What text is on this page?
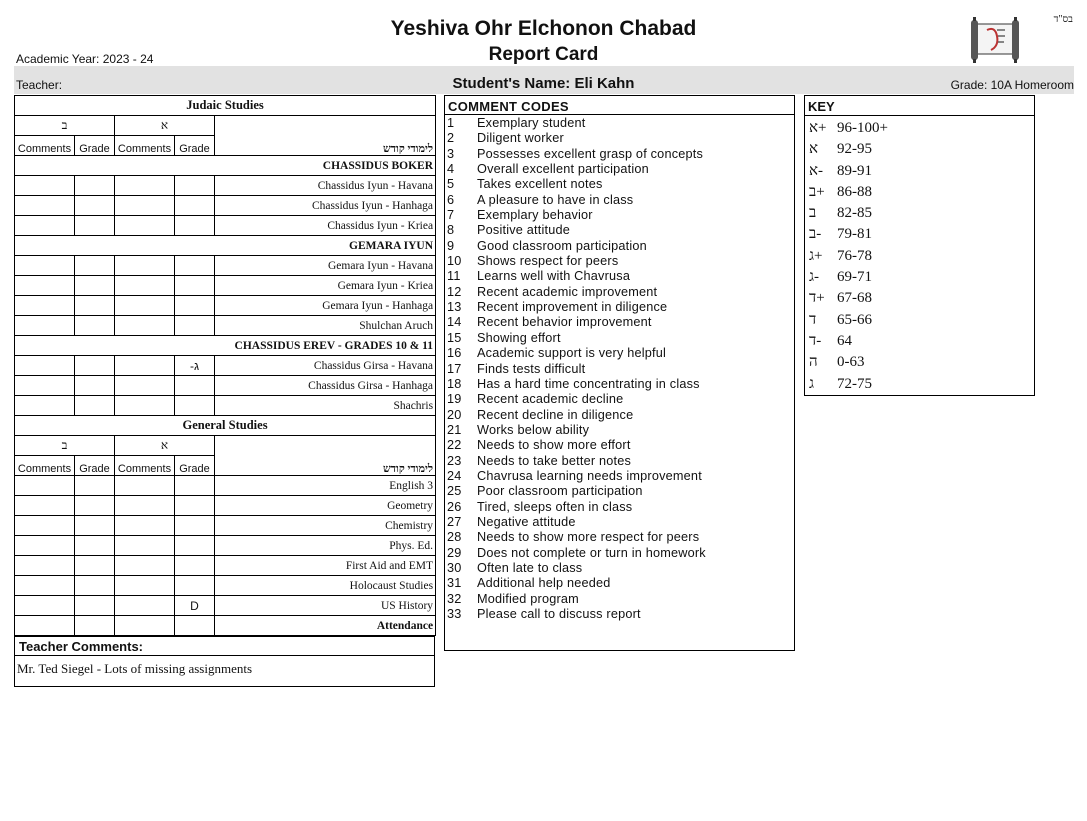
Yeshiva Ohr Elchonon Chabad
Report Card
בס"ד
Academic Year: 2023 - 24
Teacher:	Student's Name: Eli Kahn	Grade: 10A Homeroom
Judaic Studies				
ב		א		לימודי קודש
Comments	Grade	Comments	Grade	
CHASSIDUS BOKER				
				Chassidus Iyun - Havana
				Chassidus Iyun - Hanhaga
				Chassidus Iyun - Kriea
GEMARA IYUN				
				Gemara Iyun - Havana
				Gemara Iyun - Kriea
				Gemara Iyun - Hanhaga
				Shulchan Aruch
CHASSIDUS EREV - GRADES 10 & 11				
			-ג	Chassidus Girsa - Havana
				Chassidus Girsa - Hanhaga
				Shachris
General Studies				
ב		א		לימודי קודש
Comments	Grade	Comments	Grade	
				English 3
				Geometry
				Chemistry
				Phys. Ed.
				First Aid and EMT
				Holocaust Studies
			D	US History
				Attendance
Teacher Comments:
Mr. Ted Siegel - Lots of missing assignments
COMMENT CODES
1 Exemplary student
2 Diligent worker
3 Possesses excellent grasp of concepts
4 Overall excellent participation
5 Takes excellent notes
6 A pleasure to have in class
7 Exemplary behavior
8 Positive attitude
9 Good classroom participation
10 Shows respect for peers
11 Learns well with Chavrusa
12 Recent academic improvement
13 Recent improvement in diligence
14 Recent behavior improvement
15 Showing effort
16 Academic support is very helpful
17 Finds tests difficult
18 Has a hard time concentrating in class
19 Recent academic decline
20 Recent decline in diligence
21 Works below ability
22 Needs to show more effort
23 Needs to take better notes
24 Chavrusa learning needs improvement
25 Poor classroom participation
26 Tired, sleeps often in class
27 Negative attitude
28 Needs to show more respect for peers
29 Does not complete or turn in homework
30 Often late to class
31 Additional help needed
32 Modified program
33 Please call to discuss report
KEY
א+ 96-100+
א 92-95
א- 89-91
ב+ 86-88
ב 82-85
ב- 79-81
ג+ 76-78
ג- 69-71
ד+ 67-68
ד 65-66
ד- 64
ה 0-63
ג 72-75
